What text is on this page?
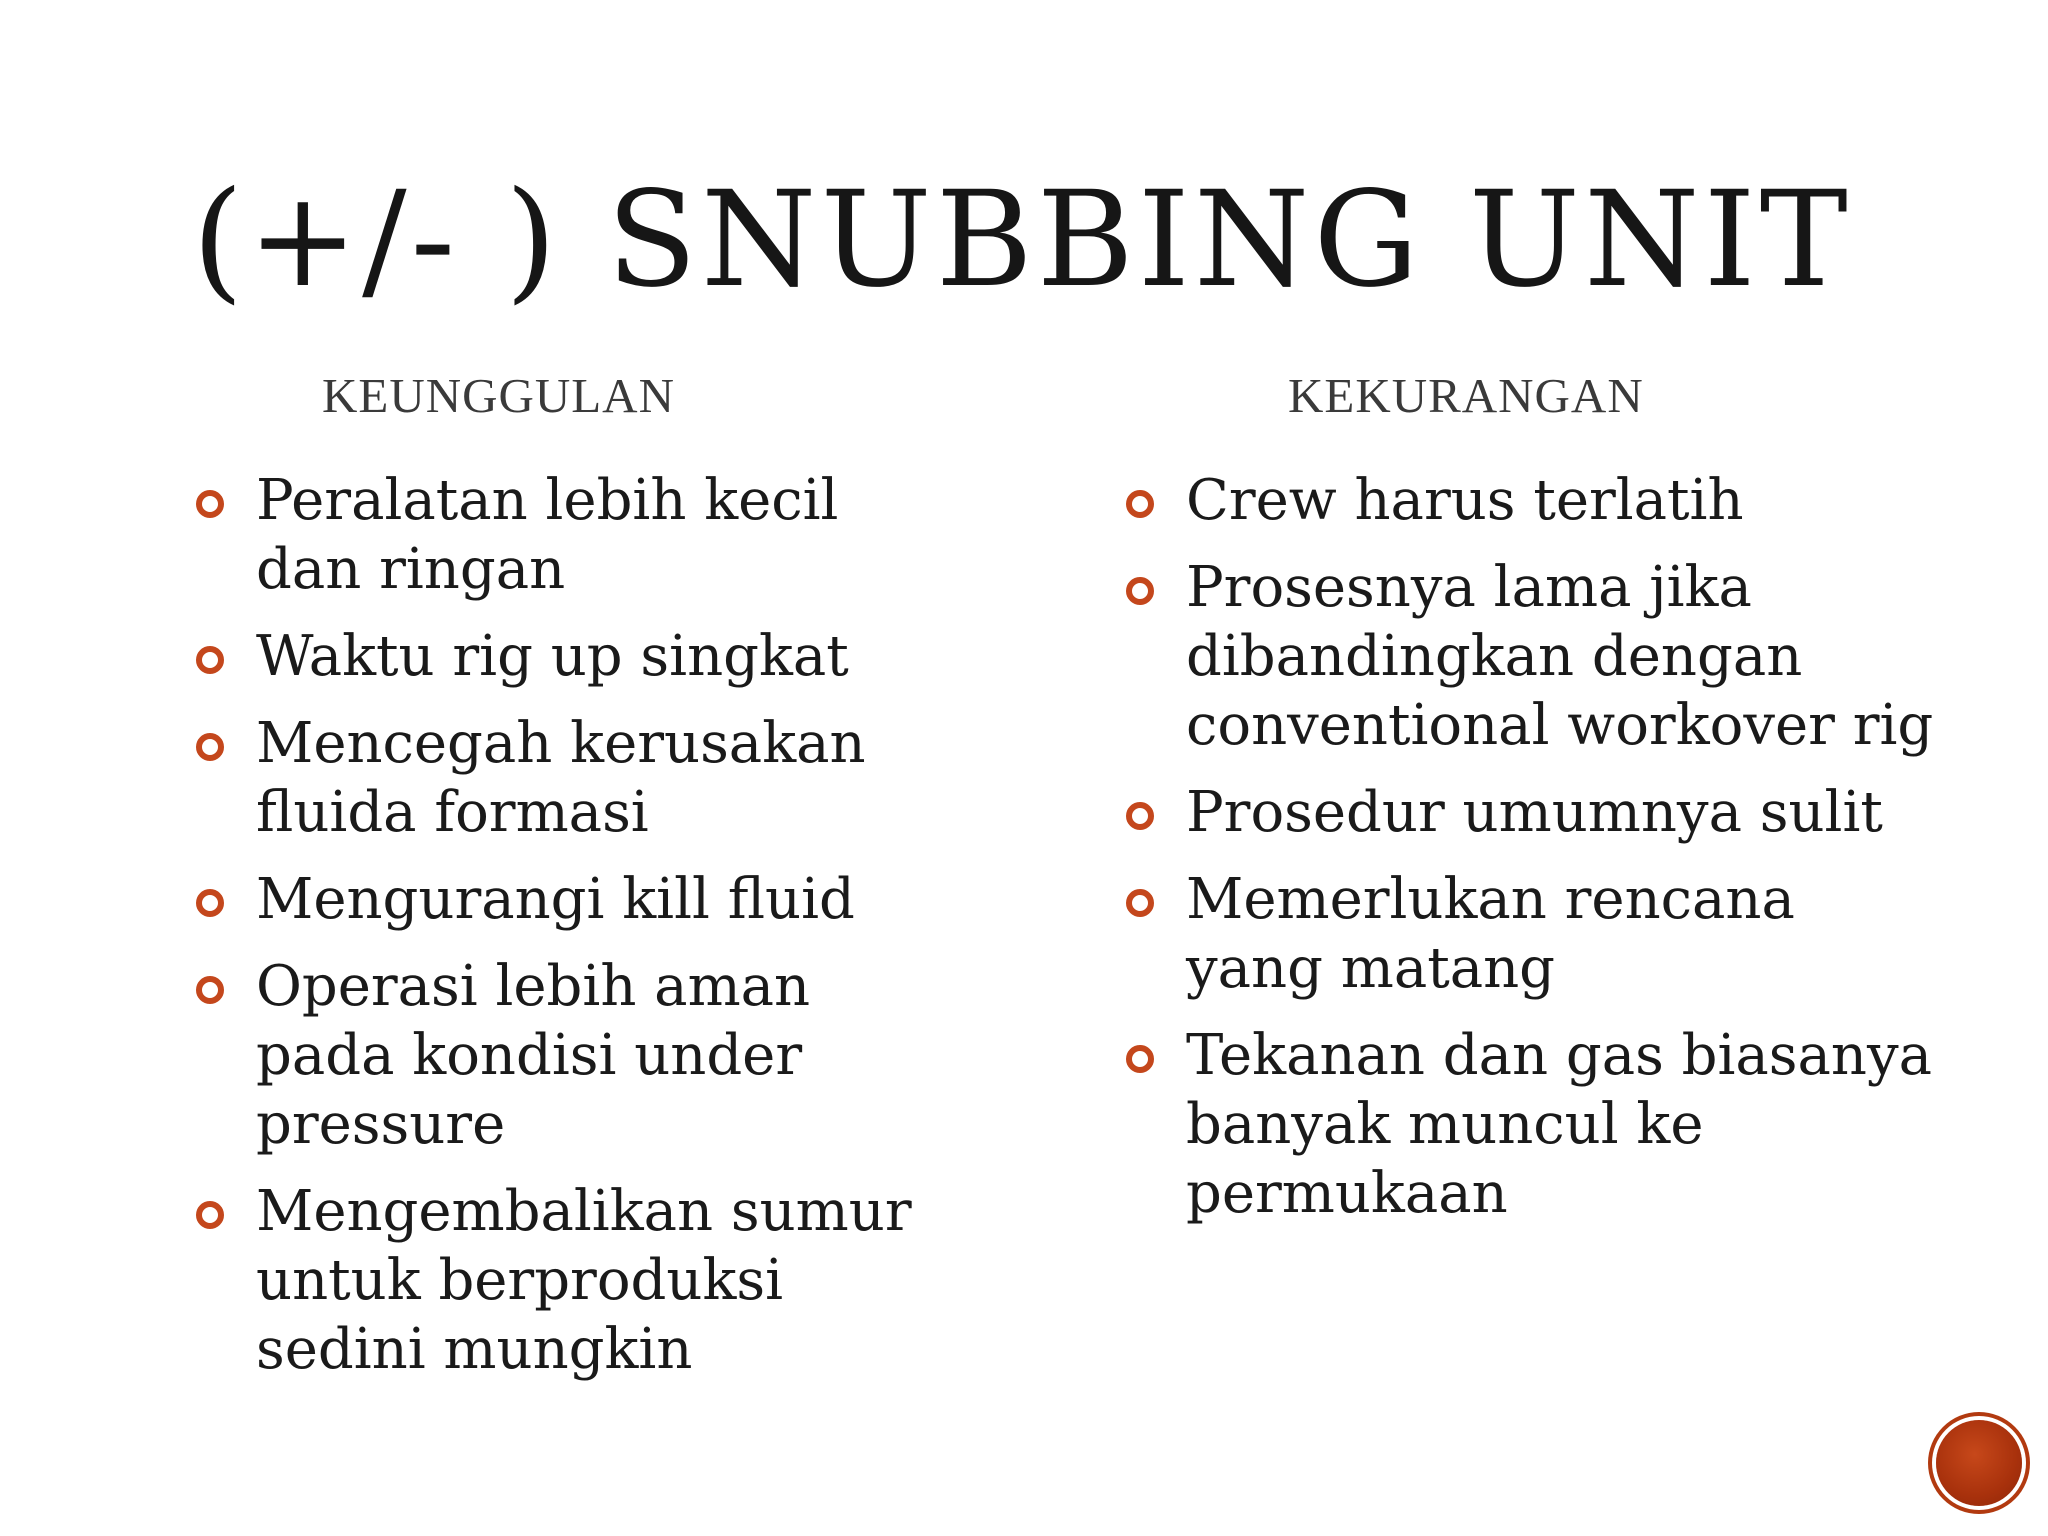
(+/- ) SNUBBING UNIT
KEUNGGULAN	KEKURANGAN
Peralatan lebih kecil dan ringan
Waktu rig up singkat
Mencegah kerusakan fluida formasi
Mengurangi kill fluid
Operasi lebih aman pada kondisi under pressure
Mengembalikan sumur untuk berproduksi sedini mungkin
Crew harus terlatih
Prosesnya lama jika dibandingkan dengan conventional workover rig
Prosedur umumnya sulit
Memerlukan rencana yang matang
Tekanan dan gas biasanya banyak muncul ke permukaan
